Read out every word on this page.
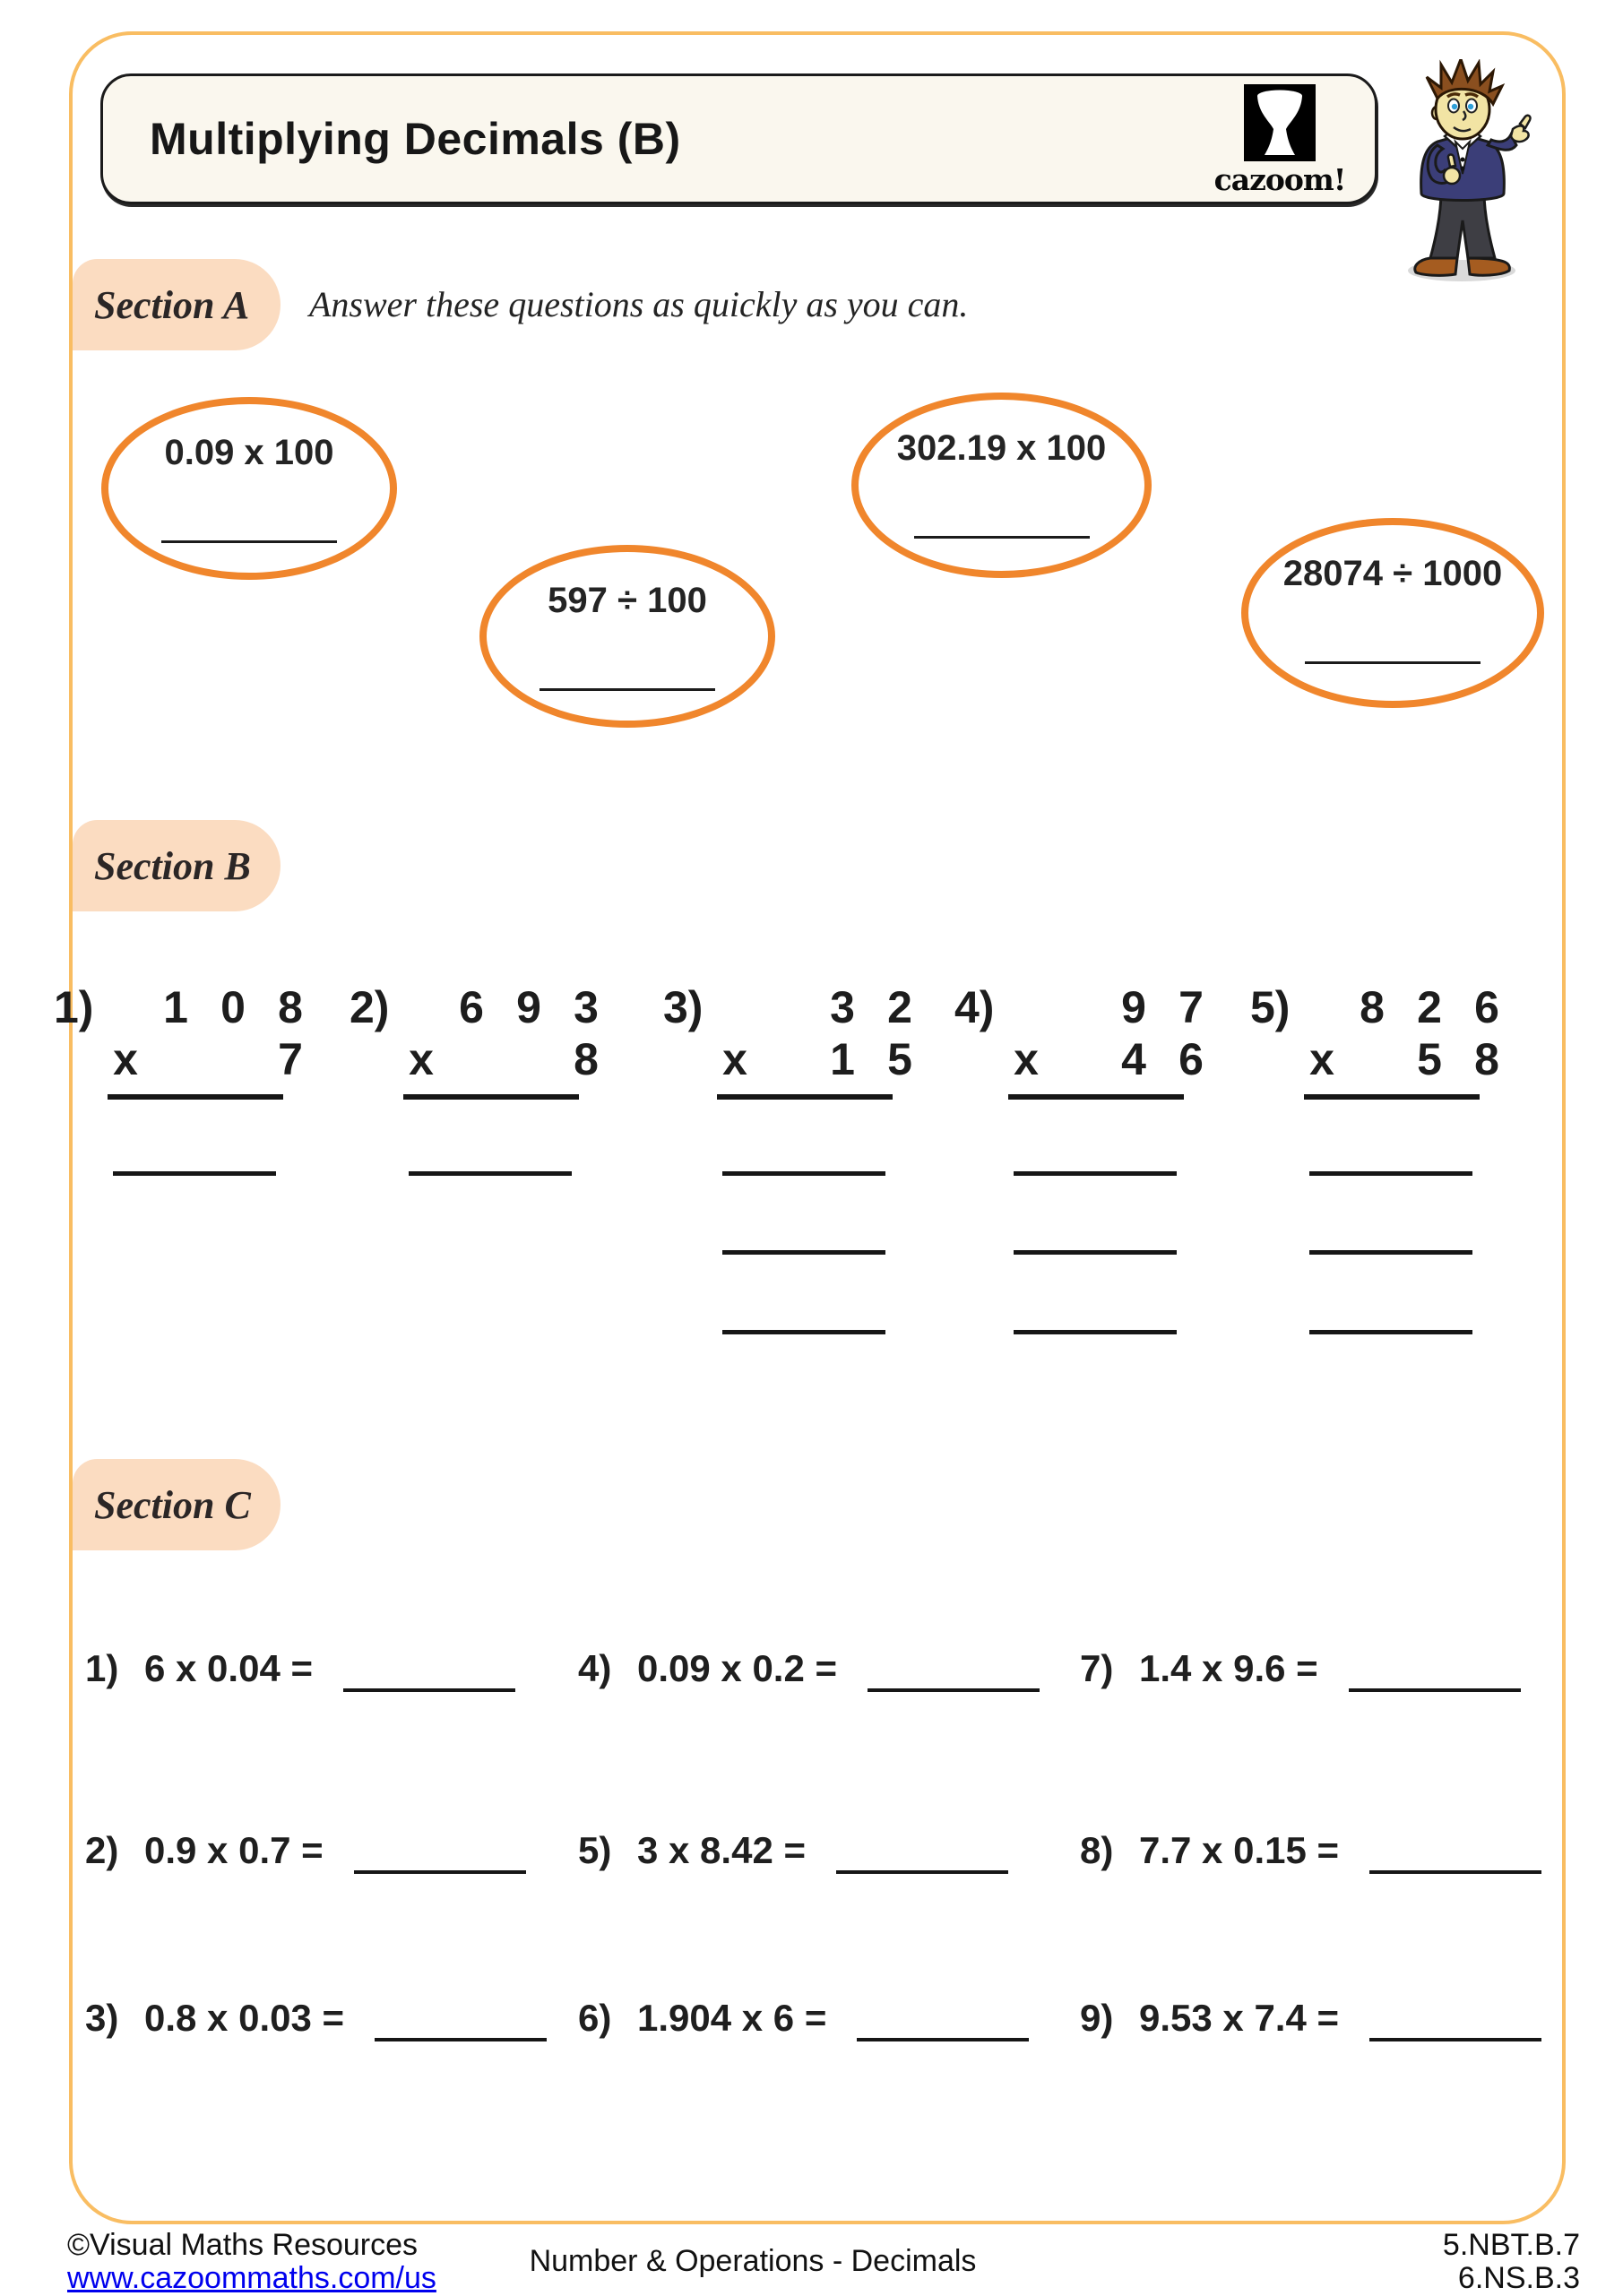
Multiplying Decimals (B)
cazoom!
Section A Answer these questions as quickly as you can.
0.09 x 100
597 ÷ 100
302.19 x 100
28074 ÷ 1000
Section B
1)	1 0 8
x	7
2)	6 9 3
x	8
3)	3 2
x	1 5
4)	9 7
x	4 6
5)	8 2 6
x	5 8
Section C
1) 6 x 0.04 =
2) 0.9 x 0.7 =
3) 0.8 x 0.03 =
4) 0.09 x 0.2 =
5) 3 x 8.42 =
6) 1.904 x 6 =
7) 1.4 x 9.6 =
8) 7.7 x 0.15 =
9) 9.53 x 7.4 =
©Visual Maths Resources
www.cazoommaths.com/us	Number & Operations - Decimals	5.NBT.B.7
6.NS.B.3
